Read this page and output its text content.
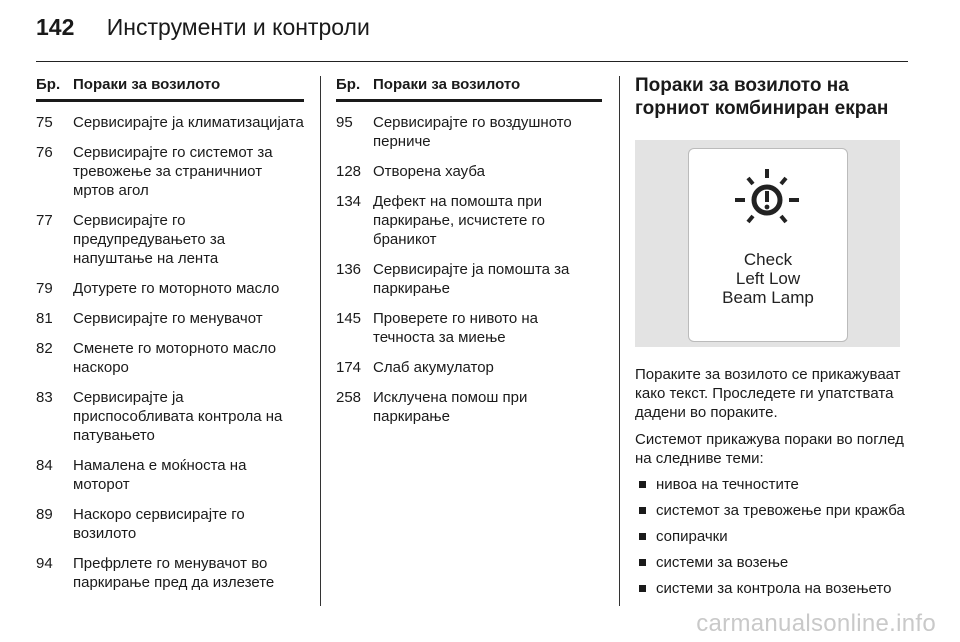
142 Инструменти и контроли
Бр. Пораки за возилото
75	Сервисирајте ја климатизацијата
76	Сервисирајте го системот за тревожење за страничниот мртов агол
77	Сервисирајте го предупредувањето за напуштање на лента
79	Дотурете го моторното масло
81	Сервисирајте го менувачот
82	Сменете го моторното масло наскоро
83	Сервисирајте ја приспособливата контрола на патувањето
84	Намалена е моќноста на моторот
89	Наскоро сервисирајте го возилото
94	Префрлете го менувачот во паркирање пред да излезете
Бр. Пораки за возилото
95	Сервисирајте го воздушното перниче
128 Отворена хауба
134 Дефект на помошта при паркирање, исчистете го браникот
136 Сервисирајте ја помошта за паркирање
145 Проверете го нивото на течноста за миење
174 Слаб акумулатор
258 Исклучена помош при паркирање
Пораки за возилото на горниот комбиниран екран
Check
Left Low
Beam Lamp
Пораките за возилото се прикажуваат како текст. Проследете ги упатствата дадени во пораките.
Системот прикажува пораки во поглед на следниве теми:
нивоа на течностите
системот за тревожење при кражба
сопирачки
системи за возење
системи за контрола на возењето
carmanualsonline.info
